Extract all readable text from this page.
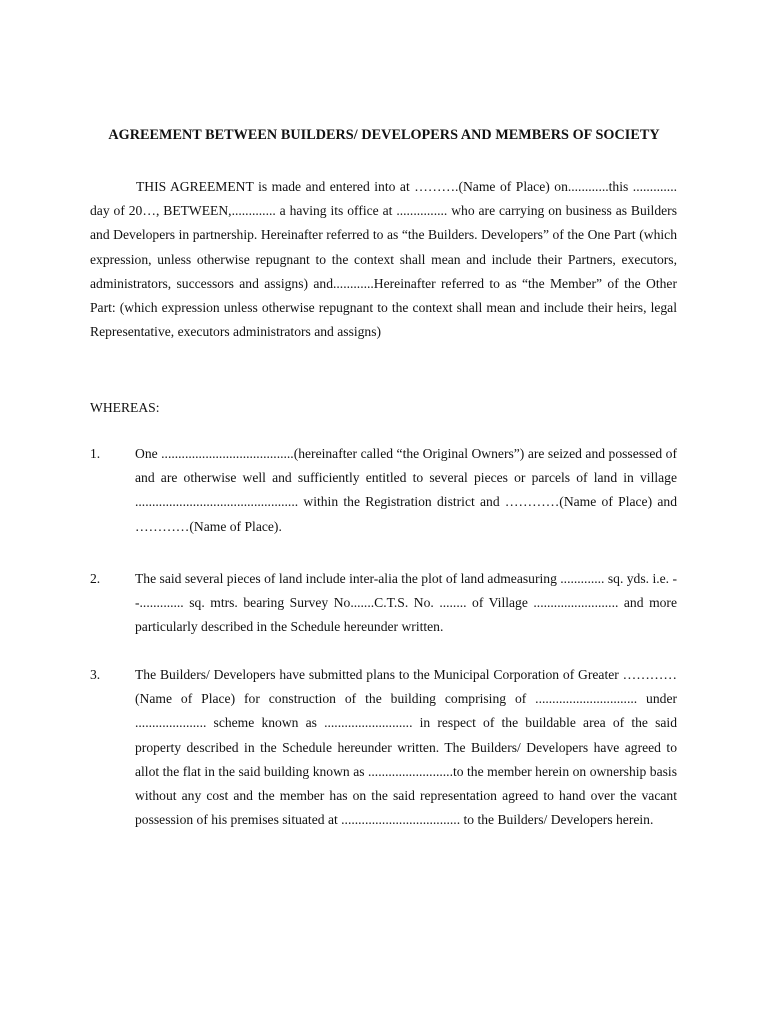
AGREEMENT BETWEEN BUILDERS/ DEVELOPERS AND MEMBERS OF SOCIETY
THIS AGREEMENT is made and entered into at ……….(Name of Place) on............this ............. day of 20…, BETWEEN,............. a having its office at ............... who are carrying on business as Builders and Developers in partnership. Hereinafter referred to as “the Builders. Developers” of the One Part (which expression, unless otherwise repugnant to the context shall mean and include their Partners, executors, administrators, successors and assigns) and............Hereinafter referred to as “the Member” of the Other Part: (which expression unless otherwise repugnant to the context shall mean and include their heirs, legal Representative, executors administrators and assigns)
WHEREAS:
1.	One .......................................(hereinafter called “the Original Owners”) are seized and possessed of and are otherwise well and sufficiently entitled to several pieces or parcels of land in village ................................................ within the Registration district and …………(Name of Place) and …………(Name of Place).
2.	The said several pieces of land include inter-alia the plot of land admeasuring ............. sq. yds. i.e. --............. sq. mtrs. bearing Survey No.......C.T.S. No. ........ of Village ......................... and more particularly described in the Schedule hereunder written.
3.	The Builders/ Developers have submitted plans to the Municipal Corporation of Greater …………(Name of Place) for construction of the building comprising of .............................. under ..................... scheme known as .......................... in respect of the buildable area of the said property described in the Schedule hereunder written. The Builders/ Developers have agreed to allot the flat in the said building known as .........................to the member herein on ownership basis without any cost and the member has on the said representation agreed to hand over the vacant possession of his premises situated at ................................... to the Builders/ Developers herein.
